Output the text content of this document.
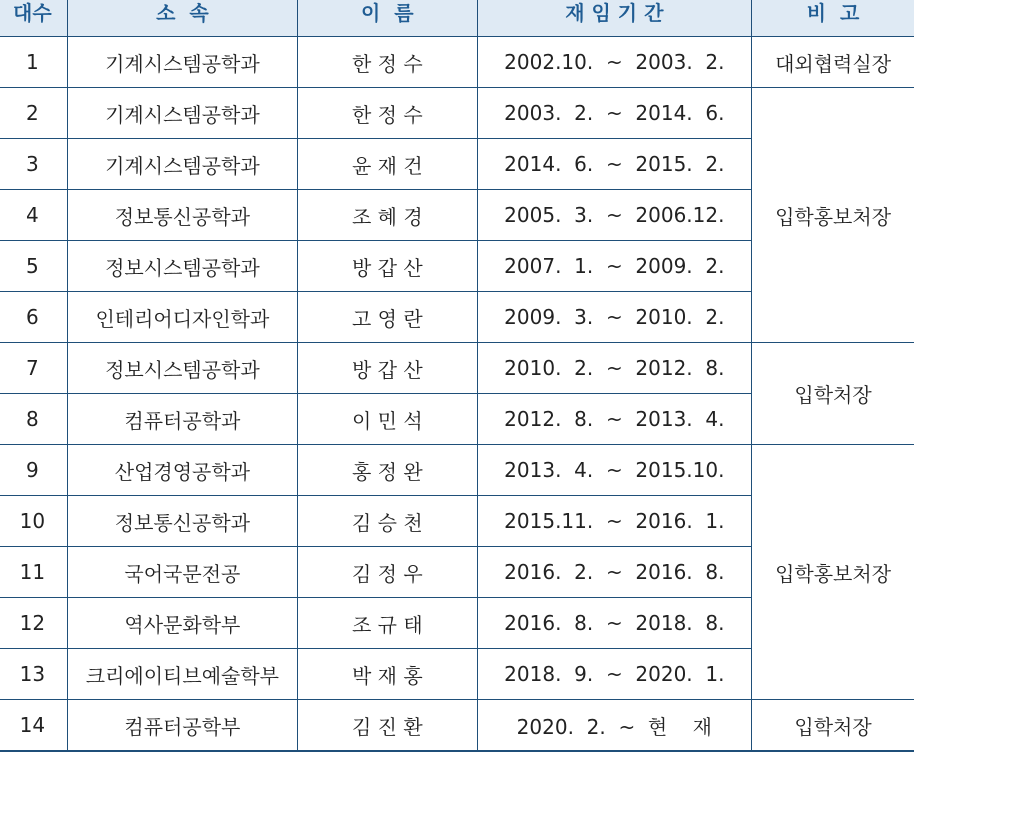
대수	소  속	이  름	재 임 기 간	비  고
1	기계시스템공학과	한 정 수	2002.10.  ~  2003.  2.	대외협력실장
2	기계시스템공학과	한 정 수	2003.  2.  ~  2014.  6.	입학홍보처장
3	기계시스템공학과	윤 재 건	2014.  6.  ~  2015.  2.	
4	정보통신공학과	조 혜 경	2005.  3.  ~  2006.12.	
5	정보시스템공학과	방 갑 산	2007.  1.  ~  2009.  2.	
6	인테리어디자인학과	고 영 란	2009.  3.  ~  2010.  2.	
7	정보시스템공학과	방 갑 산	2010.  2.  ~  2012.  8.	입학처장
8	컴퓨터공학과	이 민 석	2012.  8.  ~  2013.  4.	
9	산업경영공학과	홍 정 완	2013.  4.  ~  2015.10.	입학홍보처장
10	정보통신공학과	김 승 천	2015.11.  ~  2016.  1.	
11	국어국문전공	김 정 우	2016.  2.  ~  2016.  8.	
12	역사문화학부	조 규 태	2016.  8.  ~  2018.  8.	
13	크리에이티브예술학부	박 재 홍	2018.  9.  ~  2020.  1.	
14	컴퓨터공학부	김 진 환	2020.  2.  ~  현    재	입학처장
